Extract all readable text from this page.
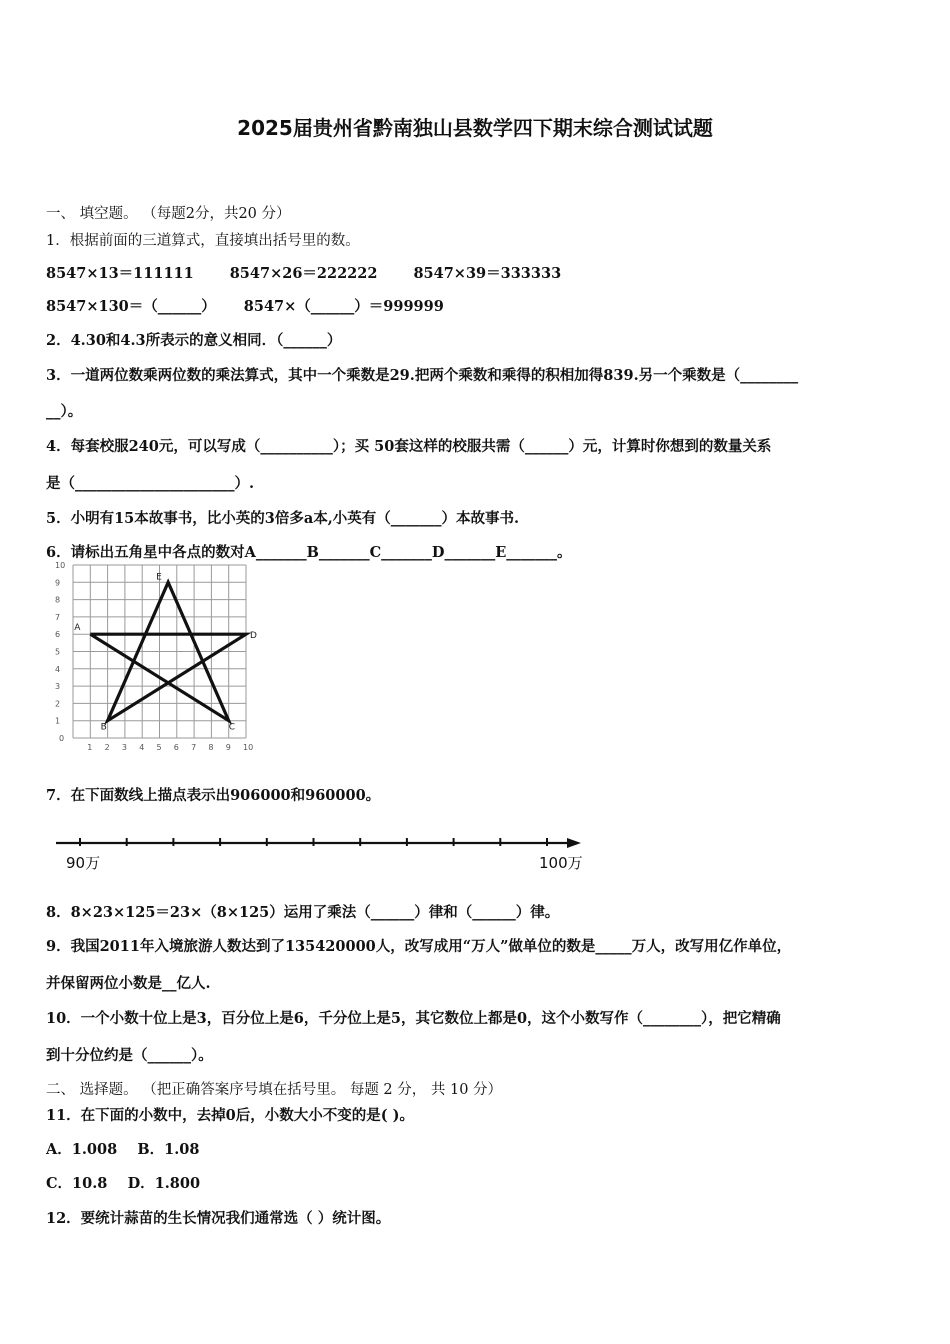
2025届贵州省黔南独山县数学四下期末综合测试试题
一、 填空题。 （每题2分，共20 分）
1．根据前面的三道算式，直接填出括号里的数。
8547×13＝111111 8547×26＝222222 8547×39＝333333
8547×130＝（______） 8547×（______）＝999999
2．4.30和4.3所表示的意义相同．（______）
3．一道两位数乘两位数的乘法算式，其中一个乘数是29.把两个乘数和乘得的积相加得839.另一个乘数是（________
__）。
4．每套校服240元，可以写成（__________）；买 50套这样的校服共需（______）元，计算时你想到的数量关系
是（______________________）.
5．小明有15本故事书，比小英的3倍多a本,小英有（_______）本故事书.
6．请标出五角星中各点的数对A_______B_______C_______D_______E_______。
0
1 2 3 4 5 6 7 8 9 10
1
2
3
4
5
6
7
8
9
10
A
B	C
D
E
7．在下面数线上描点表示出906000和960000。
90万	100万
8．8×23×125＝23×（8×125）运用了乘法（______）律和（______）律。
9．我国2011年入境旅游人数达到了135420000人，改写成用“万人”做单位的数是_____万人，改写用亿作单位，
并保留两位小数是__亿人.
10．一个小数十位上是3，百分位上是6，千分位上是5，其它数位上都是0，这个小数写作（________），把它精确
到十分位约是（______）。
二、 选择题。 （把正确答案序号填在括号里。 每题 2 分， 共 10 分）
11．在下面的小数中，去掉0后，小数大小不变的是( )。
A．1.008 B．1.08
C．10.8 D．1.800
12．要统计蒜苗的生长情况我们通常选（ ）统计图。
